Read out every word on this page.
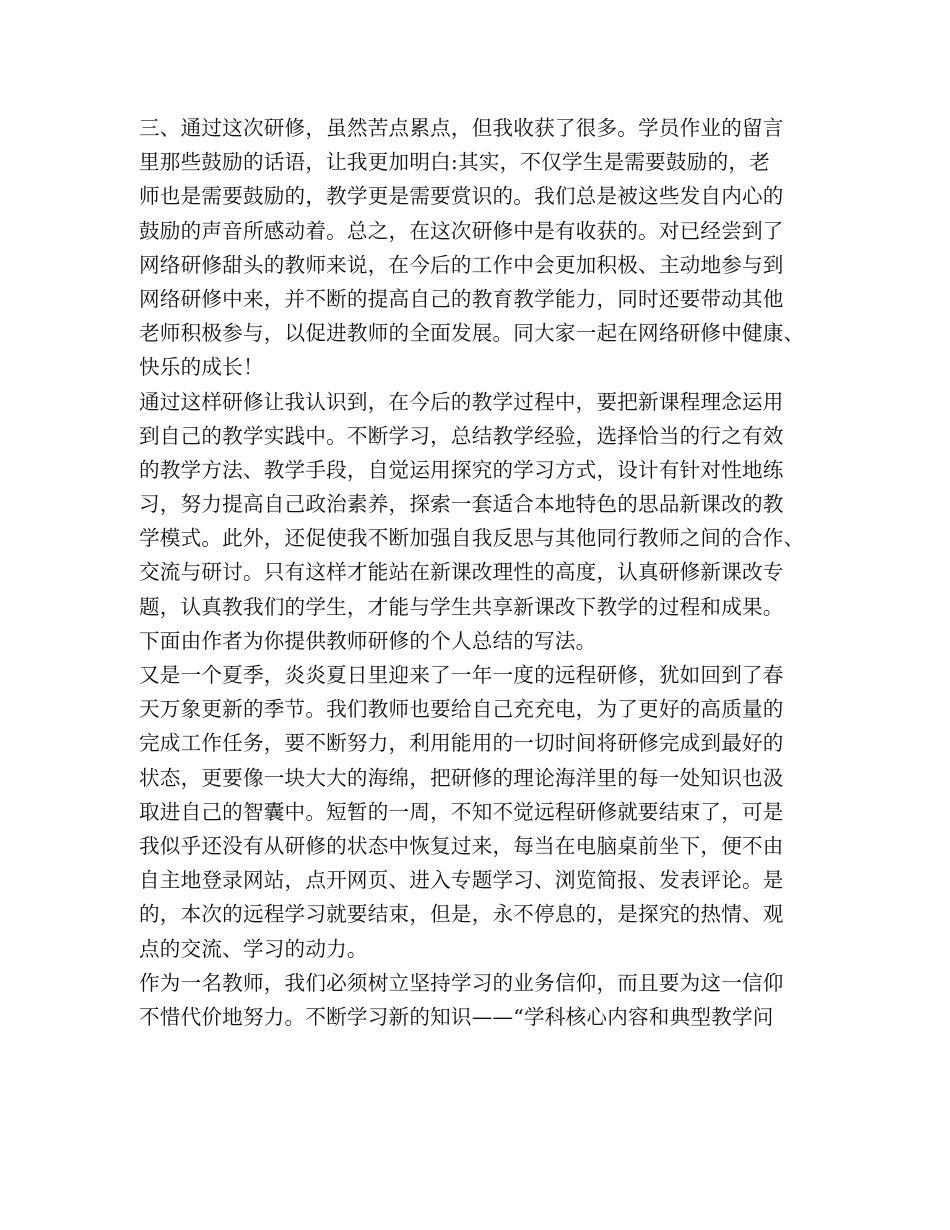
三、通过这次研修，虽然苦点累点，但我收获了很多。学员作业的留言
里那些鼓励的话语，让我更加明白:其实，不仅学生是需要鼓励的，老
师也是需要鼓励的，教学更是需要赏识的。我们总是被这些发自内心的
鼓励的声音所感动着。总之，在这次研修中是有收获的。对已经尝到了
网络研修甜头的教师来说，在今后的工作中会更加积极、主动地参与到
网络研修中来，并不断的提高自己的教育教学能力，同时还要带动其他
老师积极参与，以促进教师的全面发展。同大家一起在网络研修中健康、
快乐的成长！
通过这样研修让我认识到，在今后的教学过程中，要把新课程理念运用
到自己的教学实践中。不断学习，总结教学经验，选择恰当的行之有效
的教学方法、教学手段，自觉运用探究的学习方式，设计有针对性地练
习，努力提高自己政治素养，探索一套适合本地特色的思品新课改的教
学模式。此外，还促使我不断加强自我反思与其他同行教师之间的合作、
交流与研讨。只有这样才能站在新课改理性的高度，认真研修新课改专
题，认真教我们的学生，才能与学生共享新课改下教学的过程和成果。
下面由作者为你提供教师研修的个人总结的写法。
又是一个夏季，炎炎夏日里迎来了一年一度的远程研修，犹如回到了春
天万象更新的季节。我们教师也要给自己充充电，为了更好的高质量的
完成工作任务，要不断努力，利用能用的一切时间将研修完成到最好的
状态，更要像一块大大的海绵，把研修的理论海洋里的每一处知识也汲
取进自己的智囊中。短暂的一周，不知不觉远程研修就要结束了，可是
我似乎还没有从研修的状态中恢复过来，每当在电脑桌前坐下，便不由
自主地登录网站，点开网页、进入专题学习、浏览简报、发表评论。是
的，本次的远程学习就要结束，但是，永不停息的，是探究的热情、观
点的交流、学习的动力。
作为一名教师，我们必须树立坚持学习的业务信仰，而且要为这一信仰
不惜代价地努力。不断学习新的知识——“学科核心内容和典型教学问
